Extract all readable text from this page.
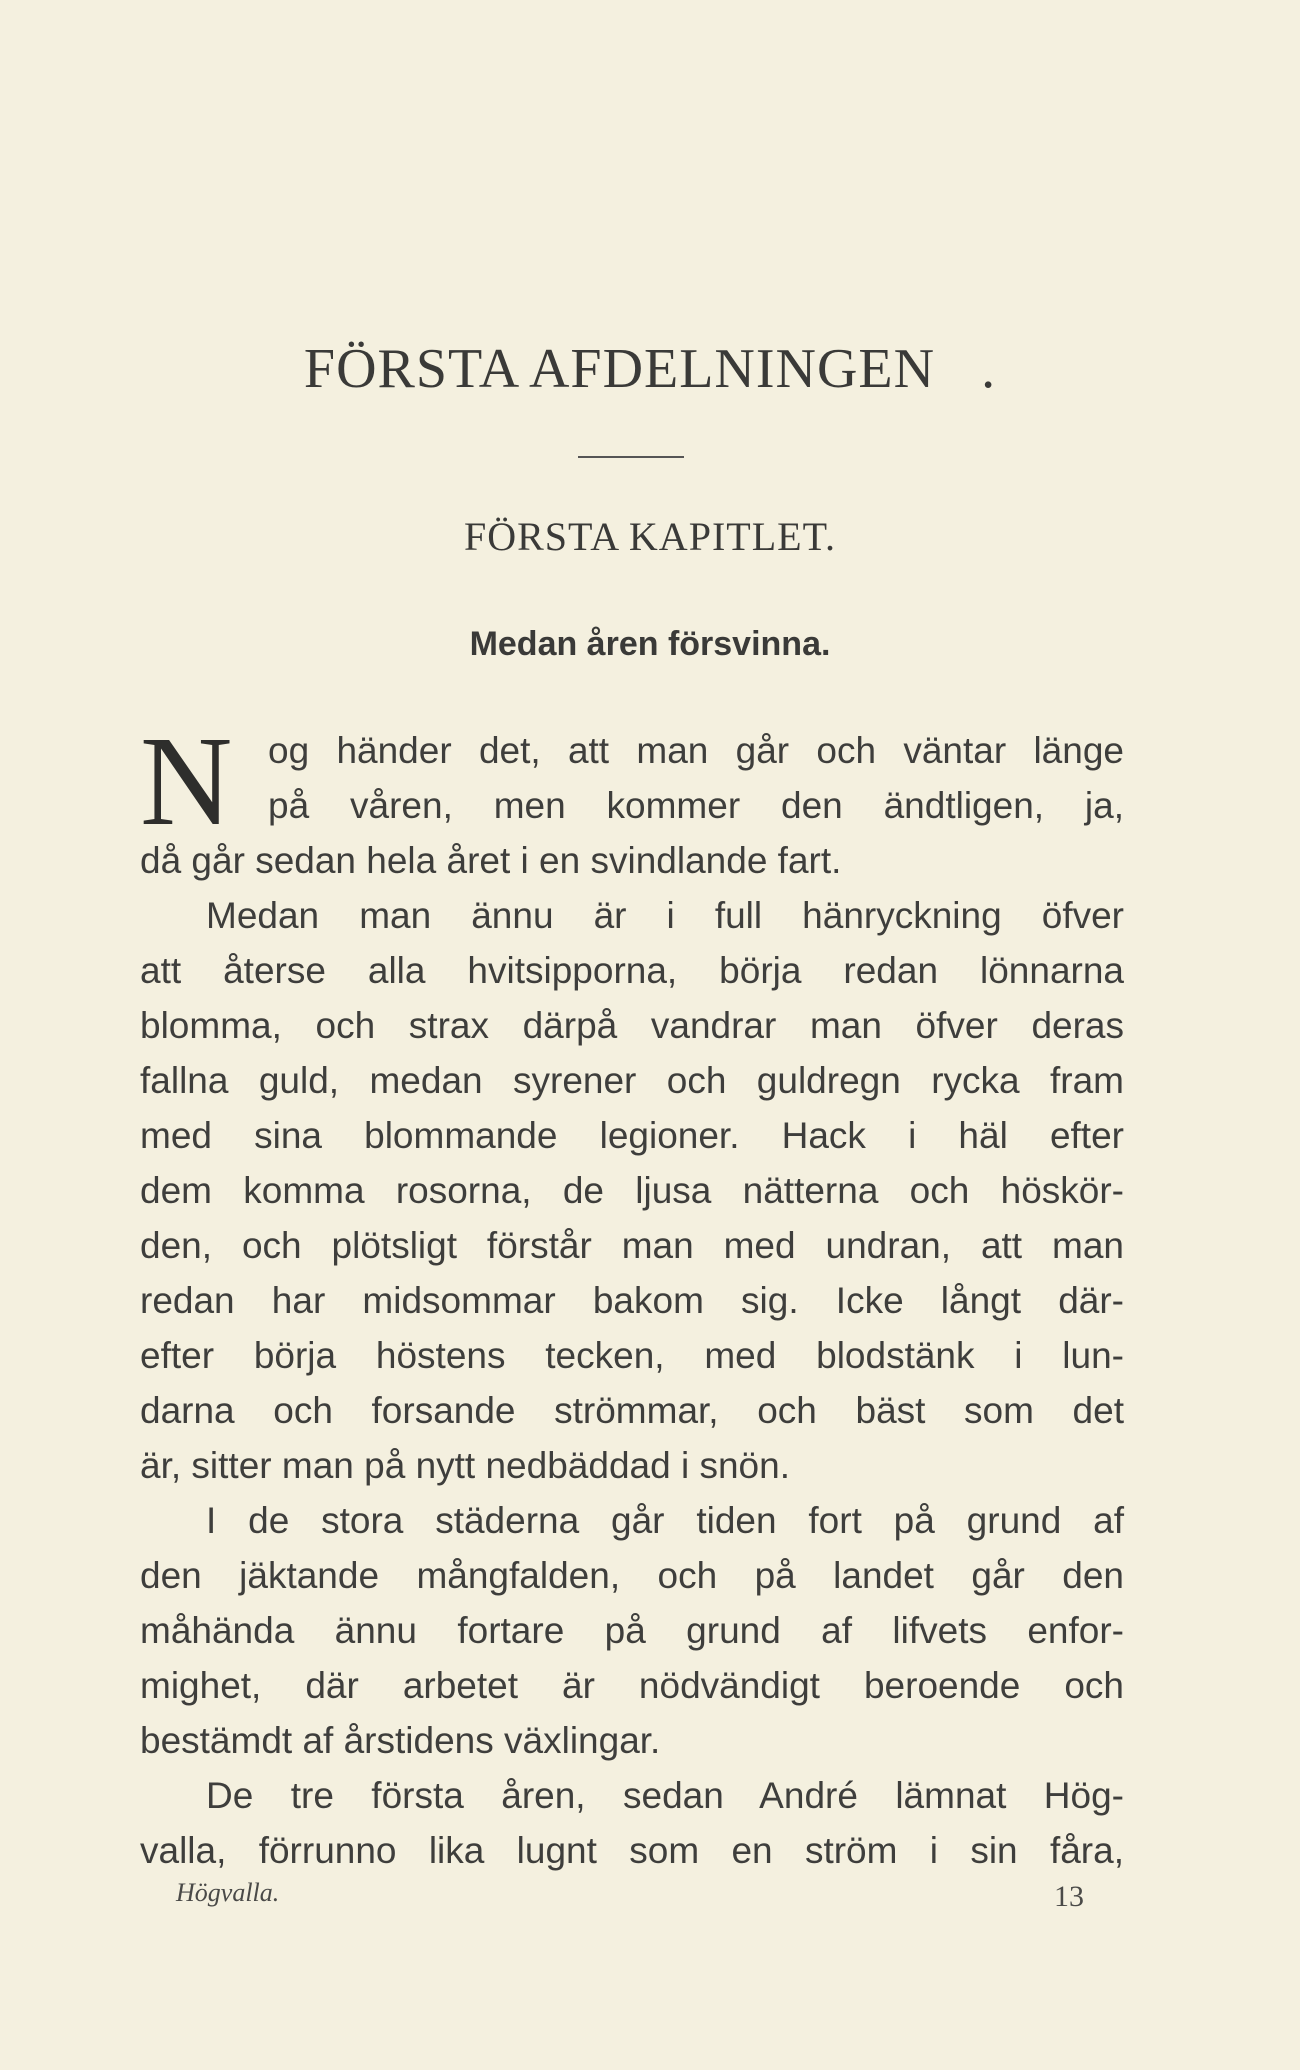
FÖRSTA AFDELNINGEN .
FÖRSTA KAPITLET.
Medan åren försvinna.
N og händer det, att man går och väntar länge
på våren, men kommer den ändtligen, ja,
då går sedan hela året i en svindlande fart.
Medan man ännu är i full hänryckning öfver
att återse alla hvitsipporna, börja redan lönnarna
blomma, och strax därpå vandrar man öfver deras
fallna guld, medan syrener och guldregn rycka fram
med sina blommande legioner. Hack i häl efter
dem komma rosorna, de ljusa nätterna och höskör-
den, och plötsligt förstår man med undran, att man
redan har midsommar bakom sig. Icke långt där-
efter börja höstens tecken, med blodstänk i lun-
darna och forsande strömmar, och bäst som det
är, sitter man på nytt nedbäddad i snön.
I de stora städerna går tiden fort på grund af
den jäktande mångfalden, och på landet går den
måhända ännu fortare på grund af lifvets enfor-
mighet, där arbetet är nödvändigt beroende och
bestämdt af årstidens växlingar.
De tre första åren, sedan André lämnat Hög-
valla, förrunno lika lugnt som en ström i sin fåra,
Högvalla.	13
